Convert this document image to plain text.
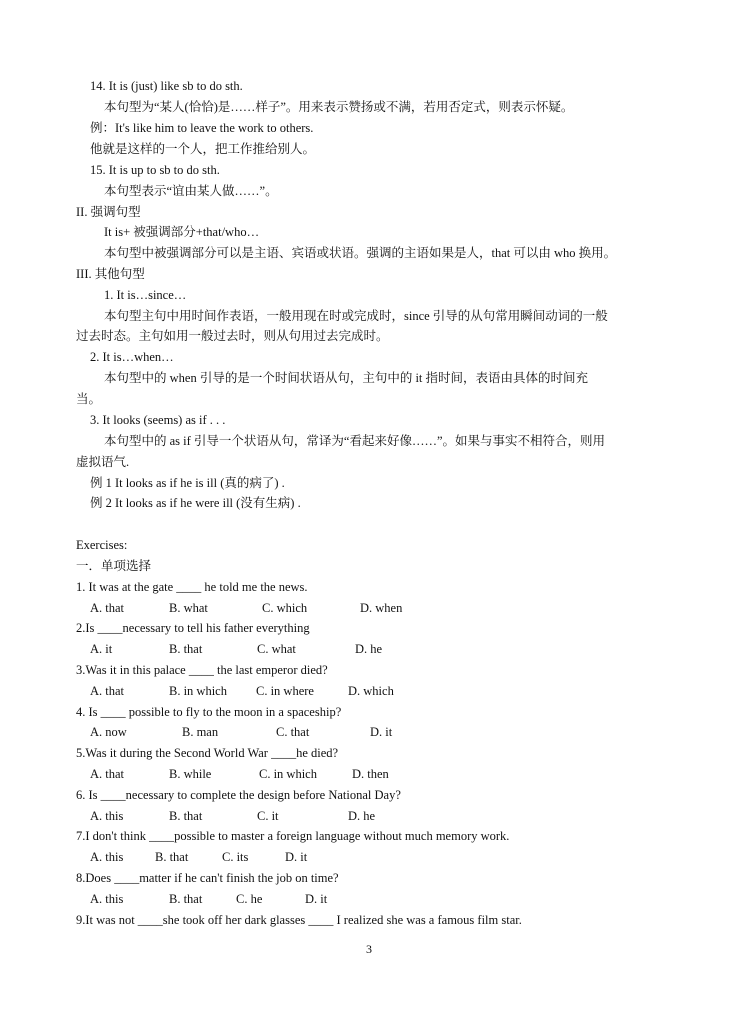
14. It is (just) like sb to do sth.
本句型为“某人(恰恰)是……样子”。用来表示赞扬或不满，若用否定式，则表示怀疑。
例：It's like him to leave the work to others.
他就是这样的一个人，把工作推给别人。
15. It is up to sb to do sth.
本句型表示“谊由某人做……”。
II. 强调句型
It is+ 被强调部分+that/who…
本句型中被强调部分可以是主语、宾语或状语。强调的主语如果是人，that 可以由 who 换用。
III. 其他句型
1. It is…since…
本句型主句中用时间作表语，一般用现在时或完成时，since 引导的从句常用瞬间动词的一般
过去时态。主句如用一般过去时，则从句用过去完成时。
2. It is…when…
本句型中的 when 引导的是一个时间状语从句，主句中的 it 指时间，表语由具体的时间充
当。
3. It looks (seems) as if . . .
本句型中的 as if 引导一个状语从句，常译为“看起来好像……”。如果与事实不相符合，则用
虚拟语气.
例 1 It looks as if he is ill (真的病了) .
例 2 It looks as if he were ill (没有生病) .
Exercises:
一．单项选择
1. It was at the gate ____ he told me the news.
A. that	B. what	C. which	D. when
2.Is ____necessary to tell his father everything
A. it	B. that	C. what	D. he
3.Was it in this palace ____ the last emperor died?
A. that	B. in which C. in where	D. which
4. Is ____ possible to fly to the moon in a spaceship?
A. now	B. man	C. that	D. it
5.Was it during the Second World War ____he died?
A. that	B. while	C. in which	D. then
6. Is ____necessary to complete the design before National Day?
A. this	B. that	C. it	D. he
7.I don't think ____possible to master a foreign language without much memory work.
A. this	B. that	C. its	D. it
8.Does ____matter if he can't finish the job on time?
A. this	B. that	C. he	D. it
9.It was not ____she took off her dark glasses ____ I realized she was a famous film star.
3
